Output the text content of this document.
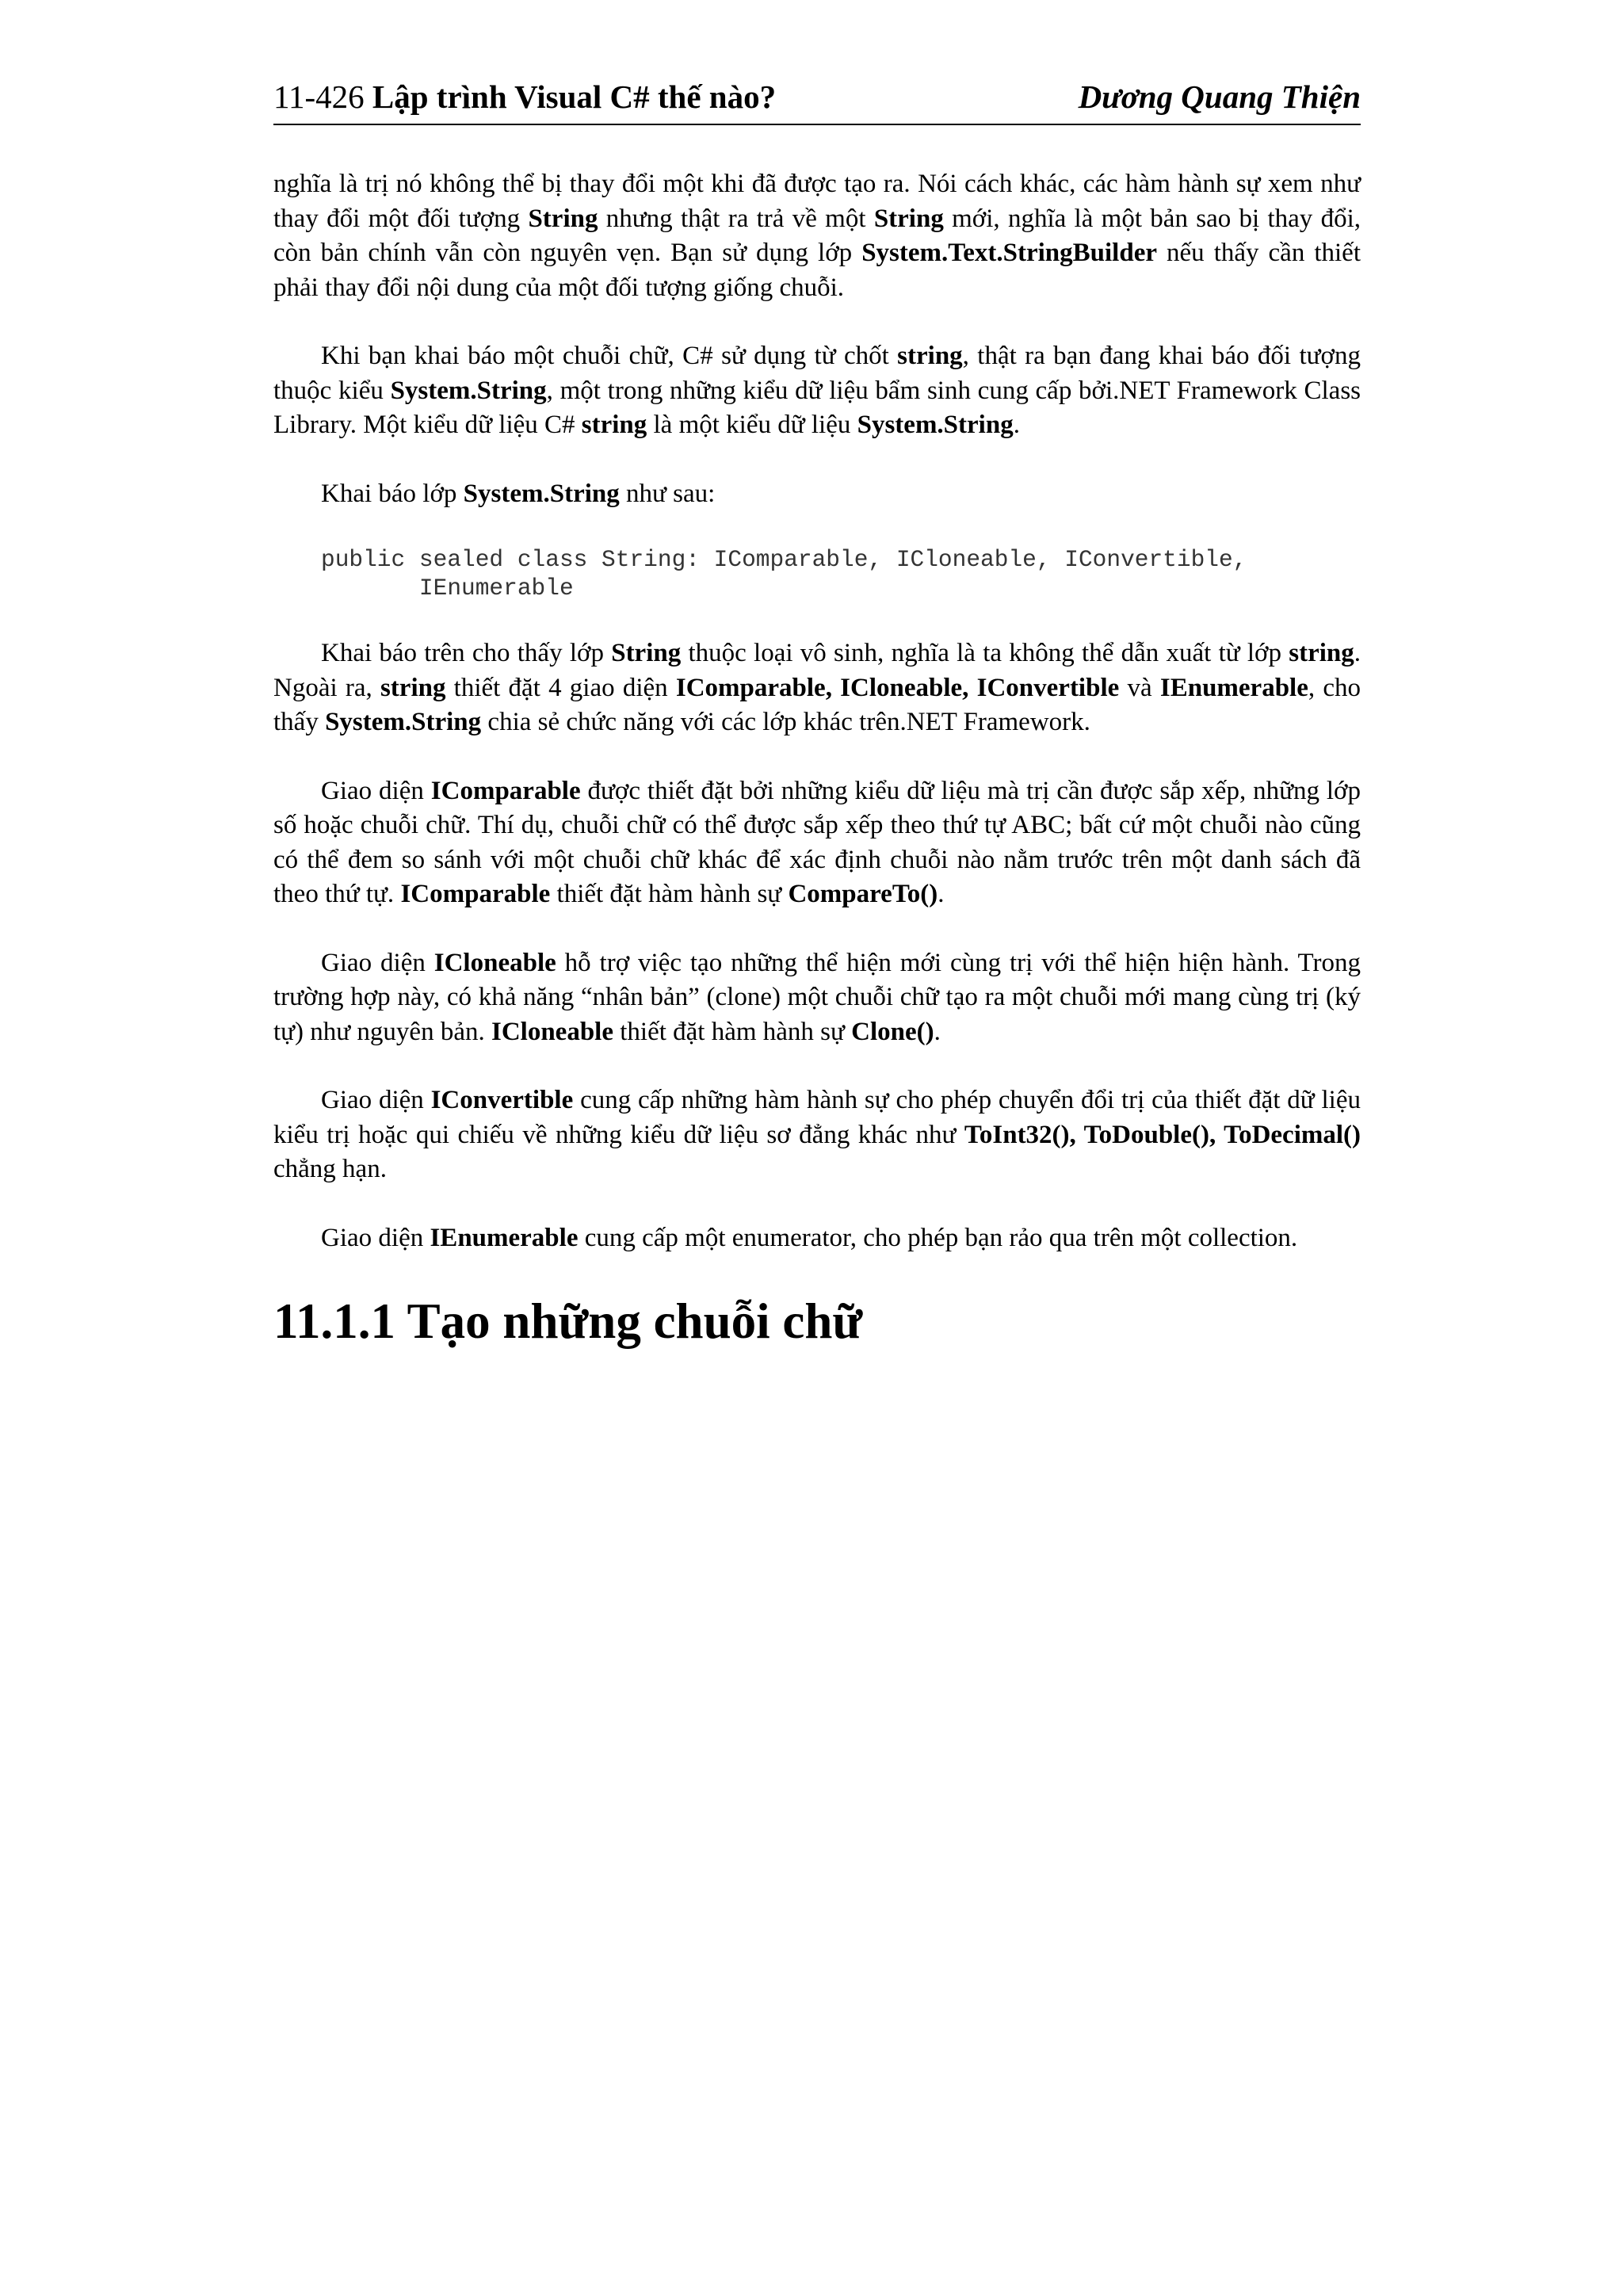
11-426 Lập trình Visual C# thế nào?	Dương Quang Thiện

nghĩa là trị nó không thể bị thay đổi một khi đã được tạo ra. Nói cách khác, các hàm hành sự xem như thay đổi một đối tượng String nhưng thật ra trả về một String mới, nghĩa là một bản sao bị thay đổi, còn bản chính vẫn còn nguyên vẹn. Bạn sử dụng lớp System.Text.StringBuilder nếu thấy cần thiết phải thay đổi nội dung của một đối tượng giống chuỗi.

Khi bạn khai báo một chuỗi chữ, C# sử dụng từ chốt string, thật ra bạn đang khai báo đối tượng thuộc kiểu System.String, một trong những kiểu dữ liệu bẩm sinh cung cấp bởi.NET Framework Class Library. Một kiểu dữ liệu C# string là một kiểu dữ liệu System.String.

Khai báo lớp System.String như sau:

public sealed class String: IComparable, ICloneable, IConvertible,
IEnumerable

Khai báo trên cho thấy lớp String thuộc loại vô sinh, nghĩa là ta không thể dẫn xuất từ lớp string. Ngoài ra, string thiết đặt 4 giao diện IComparable, ICloneable, IConvertible và IEnumerable, cho thấy System.String chia sẻ chức năng với các lớp khác trên.NET Framework.

Giao diện IComparable được thiết đặt bởi những kiểu dữ liệu mà trị cần được sắp xếp, những lớp số hoặc chuỗi chữ. Thí dụ, chuỗi chữ có thể được sắp xếp theo thứ tự ABC; bất cứ một chuỗi nào cũng có thể đem so sánh với một chuỗi chữ khác để xác định chuỗi nào nằm trước trên một danh sách đã theo thứ tự. IComparable thiết đặt hàm hành sự CompareTo().

Giao diện ICloneable hỗ trợ việc tạo những thể hiện mới cùng trị với thể hiện hiện hành. Trong trường hợp này, có khả năng “nhân bản” (clone) một chuỗi chữ tạo ra một chuỗi mới mang cùng trị (ký tự) như nguyên bản. ICloneable thiết đặt hàm hành sự Clone().

Giao diện IConvertible cung cấp những hàm hành sự cho phép chuyển đổi trị của thiết đặt dữ liệu kiểu trị hoặc qui chiếu về những kiểu dữ liệu sơ đẳng khác như ToInt32(), ToDouble(), ToDecimal() chẳng hạn.

Giao diện IEnumerable cung cấp một enumerator, cho phép bạn rảo qua trên một collection.

11.1.1 Tạo những chuỗi chữ
